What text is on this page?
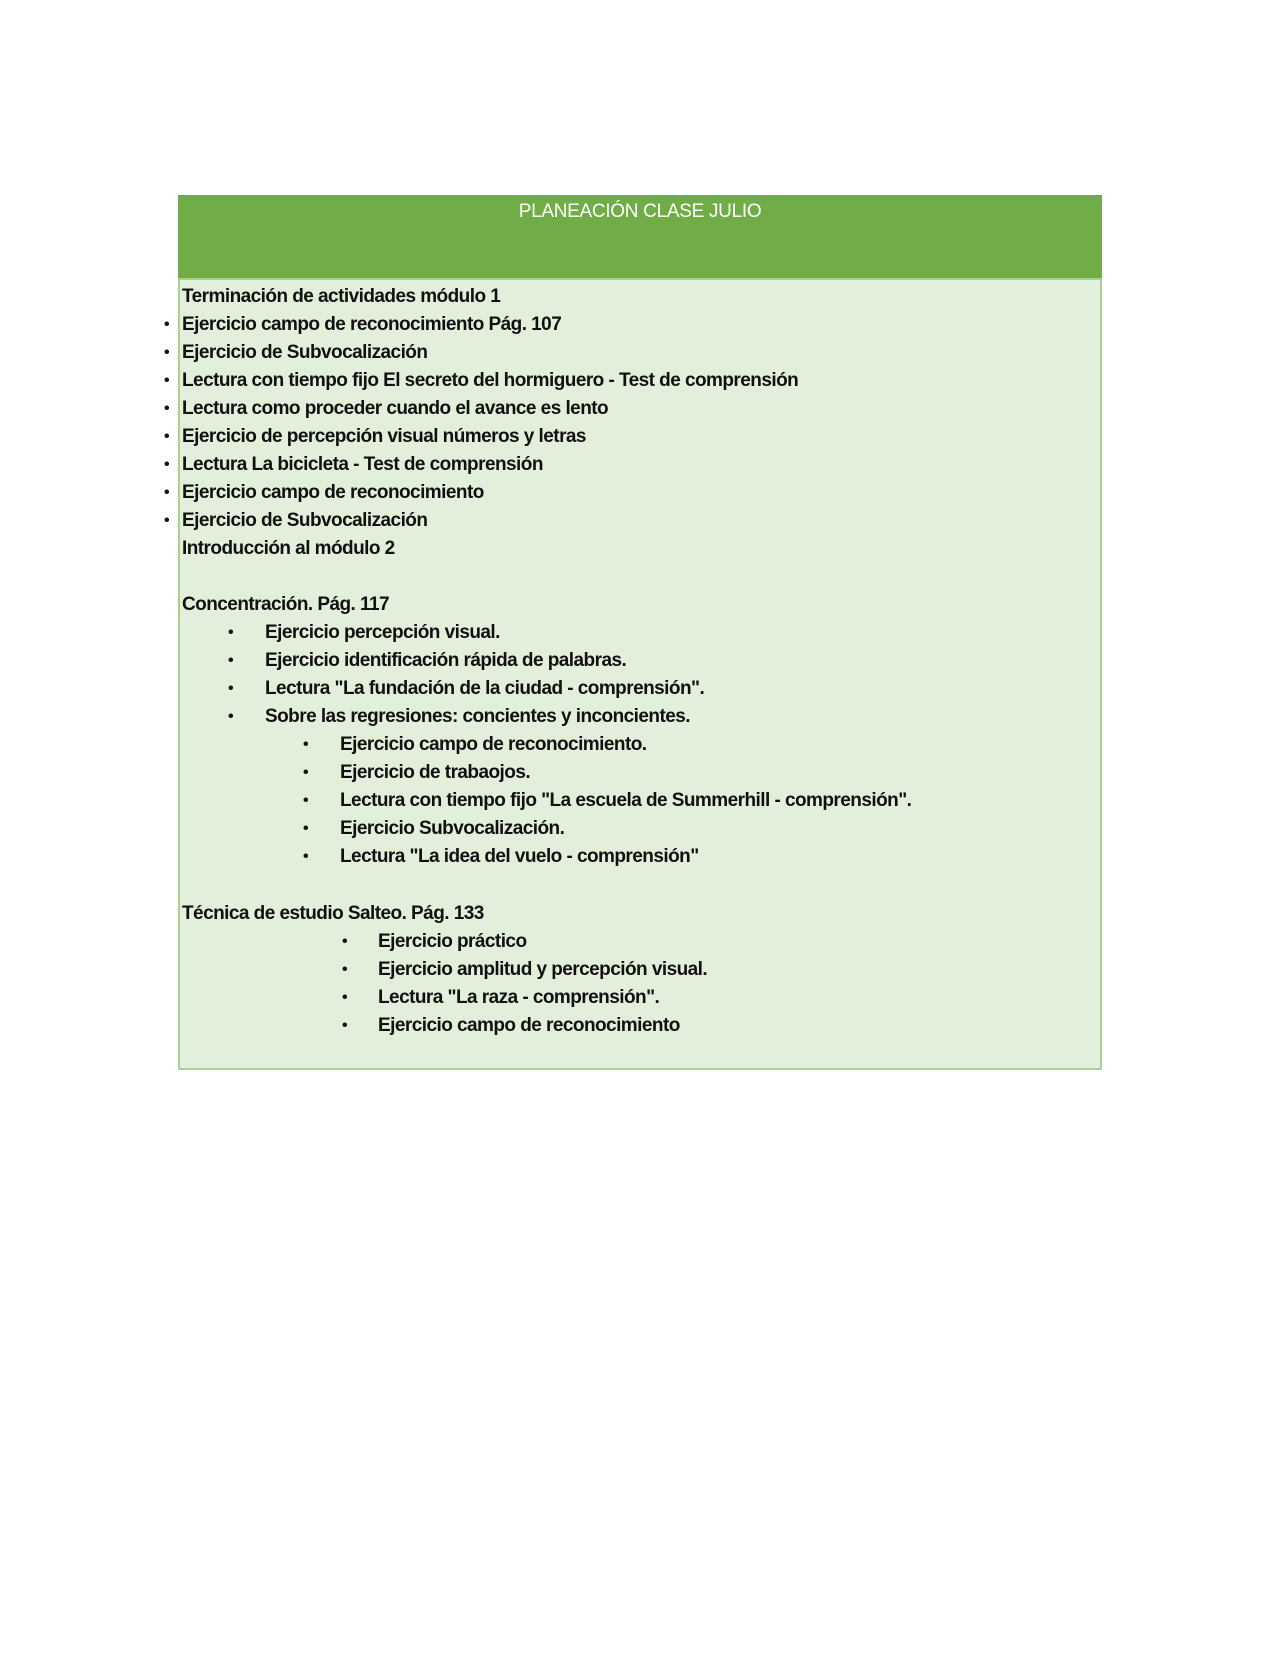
PLANEACIÓN CLASE JULIO
Terminación de actividades módulo 1
• Ejercicio campo de reconocimiento Pág. 107
• Ejercicio de Subvocalización
• Lectura con tiempo fijo El secreto del hormiguero - Test de comprensión
• Lectura como proceder cuando el avance es lento
• Ejercicio de percepción visual números y letras
• Lectura La bicicleta - Test de comprensión
• Ejercicio campo de reconocimiento
• Ejercicio de Subvocalización
Introducción al módulo 2
Concentración. Pág. 117
• Ejercicio percepción visual.
• Ejercicio identificación rápida de palabras.
• Lectura "La fundación de la ciudad - comprensión".
• Sobre las regresiones: concientes y inconcientes.
• Ejercicio campo de reconocimiento.
• Ejercicio de trabaojos.
• Lectura con tiempo fijo "La escuela de Summerhill - comprensión".
• Ejercicio Subvocalización.
• Lectura "La idea del vuelo - comprensión"
Técnica de estudio Salteo. Pág. 133
• Ejercicio práctico
• Ejercicio amplitud y percepción visual.
• Lectura "La raza - comprensión".
• Ejercicio campo de reconocimiento
